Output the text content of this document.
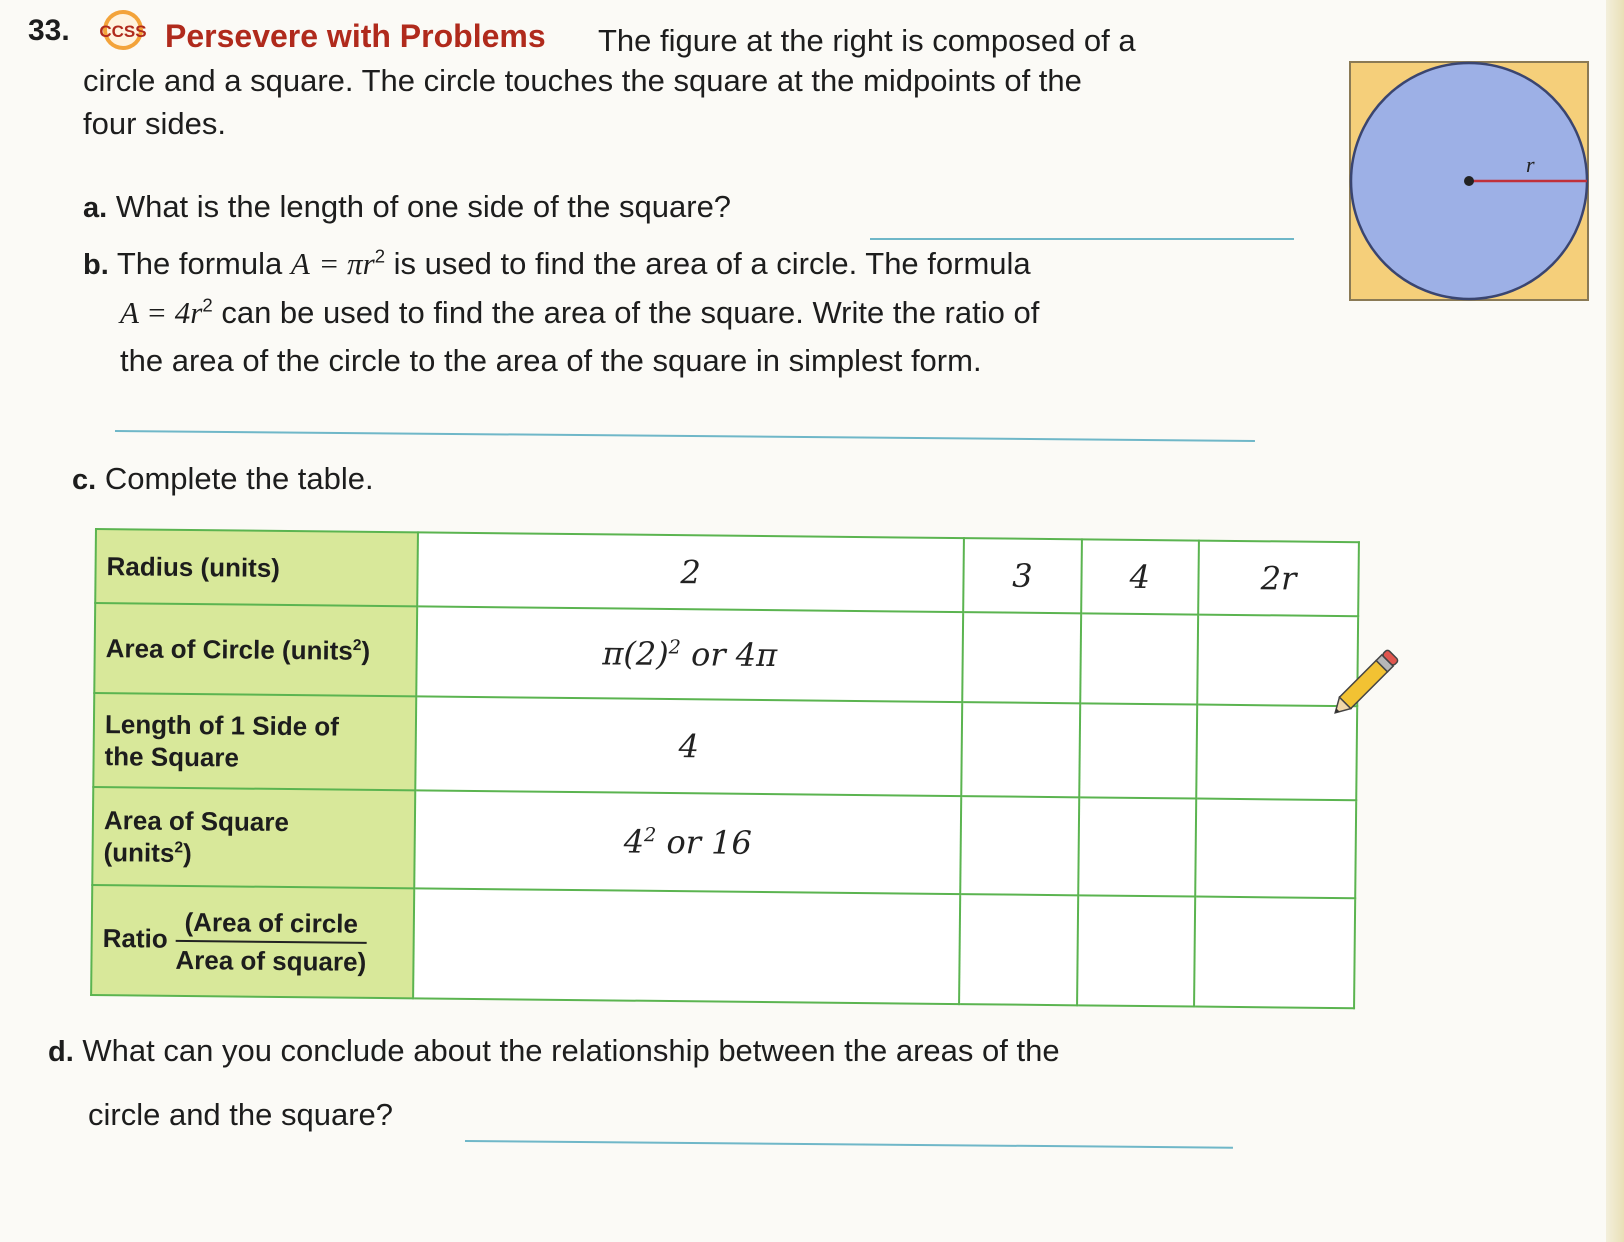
33. CCSS Persevere with Problems The figure at the right is composed of a
circle and a square. The circle touches the square at the midpoints of the
four sides.
r
a. What is the length of one side of the square?
b. The formula $A = \pi r^2$ is used to find the area of a circle. The formula
$A = 4r^2$ can be used to find the area of the square. Write the ratio of
the area of the circle to the area of the square in simplest form.
c. Complete the table.
Radius (units)	2	3	4	2r
Area of Circle (units$^2$)	$\pi(2)^2$ or 4π			
Length of 1 Side of
the Square	4			
Area of Square
(units$^2$)	$4^2$ or 16			
Ratio $\frac{\text{(Area of circle}}{\text{Area of square)}}$

d. What can you conclude about the relationship between the areas of the
circle and the square?
